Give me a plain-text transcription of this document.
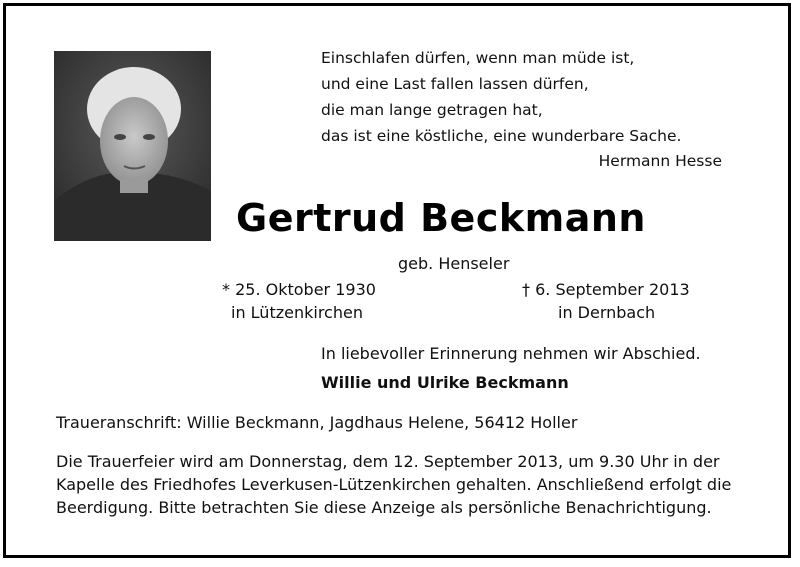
Einschlafen dürfen, wenn man müde ist,
und eine Last fallen lassen dürfen,
die man lange getragen hat,
das ist eine köstliche, eine wunderbare Sache.
Hermann Hesse
Gertrud Beckmann
geb. Henseler
* 25. Oktober 1930
in Lützenkirchen
† 6. September 2013
in Dernbach
In liebevoller Erinnerung nehmen wir Abschied.
Willie und Ulrike Beckmann
Traueranschrift: Willie Beckmann, Jagdhaus Helene, 56412 Holler
Die Trauerfeier wird am Donnerstag, dem 12. September 2013, um 9.30 Uhr in der
Kapelle des Friedhofes Leverkusen-Lützenkirchen gehalten. Anschließend erfolgt die
Beerdigung. Bitte betrachten Sie diese Anzeige als persönliche Benachrichtigung.
